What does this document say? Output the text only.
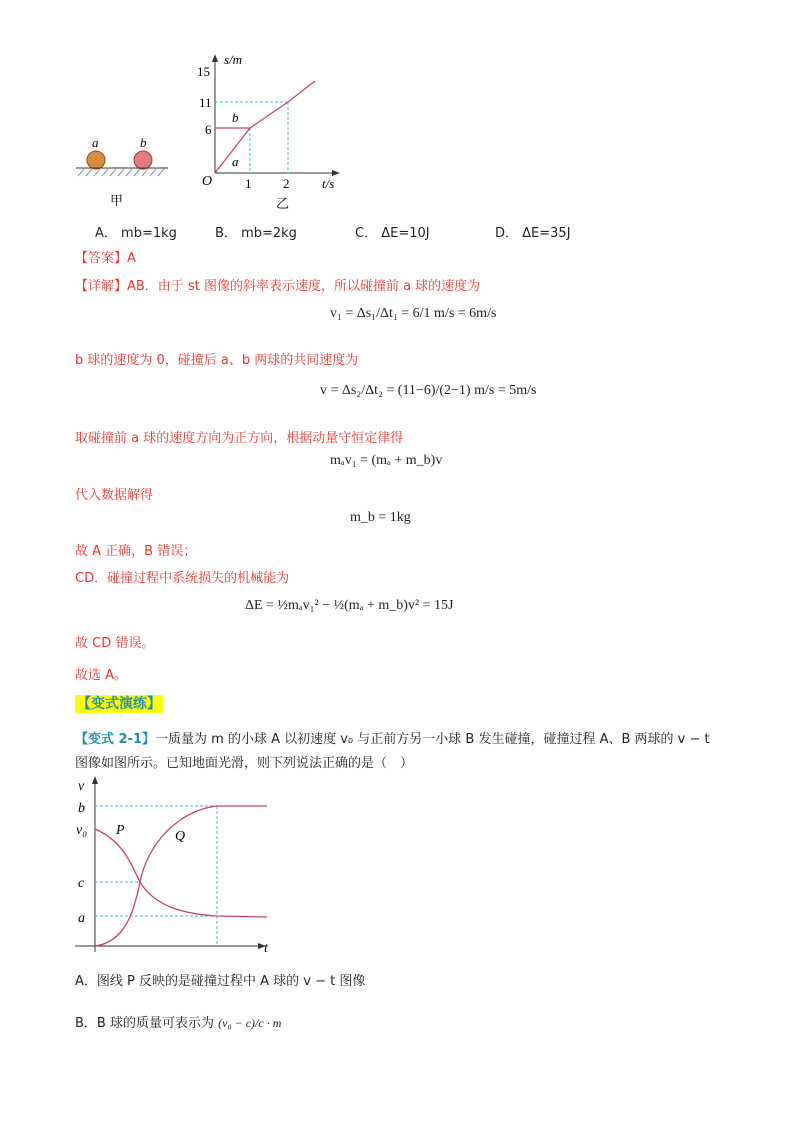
a	b
甲
s/m
t/s
O
15
11
6
1 2
乙
b
a
A． mb=1kg	B． mb=2kg	C． ΔE=10J	D． ΔE=35J
【答案】A
【详解】AB．由于 st 图像的斜率表示速度，所以碰撞前 a 球的速度为
v₁ = Δs₁/Δt₁ = 6/1 m/s = 6m/s
b 球的速度为 0，碰撞后 a、b 两球的共同速度为
v = Δs₂/Δt₂ = (11−6)/(2−1) m/s = 5m/s
取碰撞前 a 球的速度方向为正方向，根据动量守恒定律得
mₐv₁ = (mₐ + m_b)v
代入数据解得
m_b = 1kg
故 A 正确，B 错误；
CD．碰撞过程中系统损失的机械能为
ΔE = ½mₐv₁² − ½(mₐ + m_b)v² = 15J
故 CD 错误。
故选 A。
【变式演练】
【变式 2-1】一质量为 m 的小球 A 以初速度 v₀ 与正前方另一小球 B 发生碰撞，碰撞过程 A、B 两球的 v − t
图像如图所示。已知地面光滑，则下列说法正确的是（　）
v
t
b
v₀
c
a
P	Q
A．图线 P 反映的是碰撞过程中 A 球的 v − t 图像
B．B 球的质量可表示为 (v₀ − c)/c · m
